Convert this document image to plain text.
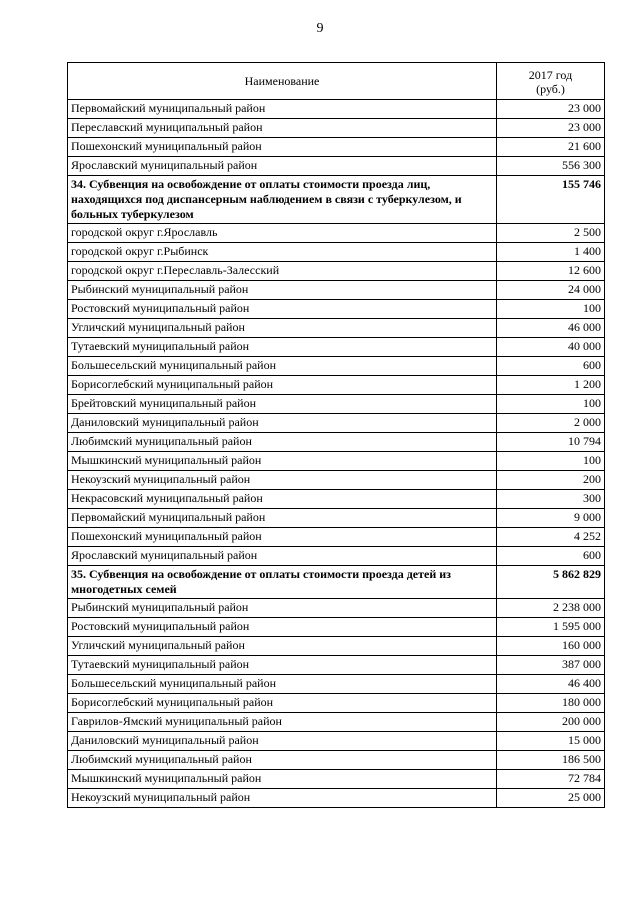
9
Наименование	2017 год
(руб.)
Первомайский муниципальный район	23 000
Переславский муниципальный район	23 000
Пошехонский муниципальный район	21 600
Ярославский муниципальный район	556 300
34. Субвенция на освобождение от оплаты стоимости проезда лиц, находящихся под диспансерным наблюдением в связи с туберкулезом, и больных туберкулезом	155 746
городской округ г.Ярославль	2 500
городской округ г.Рыбинск	1 400
городской округ г.Переславль-Залесский	12 600
Рыбинский муниципальный район	24 000
Ростовский муниципальный район	100
Угличский муниципальный район	46 000
Тутаевский муниципальный район	40 000
Большесельский муниципальный район	600
Борисоглебский муниципальный район	1 200
Брейтовский муниципальный район	100
Даниловский муниципальный район	2 000
Любимский муниципальный район	10 794
Мышкинский муниципальный район	100
Некоузский муниципальный район	200
Некрасовский муниципальный район	300
Первомайский муниципальный район	9 000
Пошехонский муниципальный район	4 252
Ярославский муниципальный район	600
35. Субвенция на освобождение от оплаты стоимости проезда детей из многодетных семей	5 862 829
Рыбинский муниципальный район	2 238 000
Ростовский муниципальный район	1 595 000
Угличский муниципальный район	160 000
Тутаевский муниципальный район	387 000
Большесельский муниципальный район	46 400
Борисоглебский муниципальный район	180 000
Гаврилов-Ямский муниципальный район	200 000
Даниловский муниципальный район	15 000
Любимский муниципальный район	186 500
Мышкинский муниципальный район	72 784
Некоузский муниципальный район	25 000
